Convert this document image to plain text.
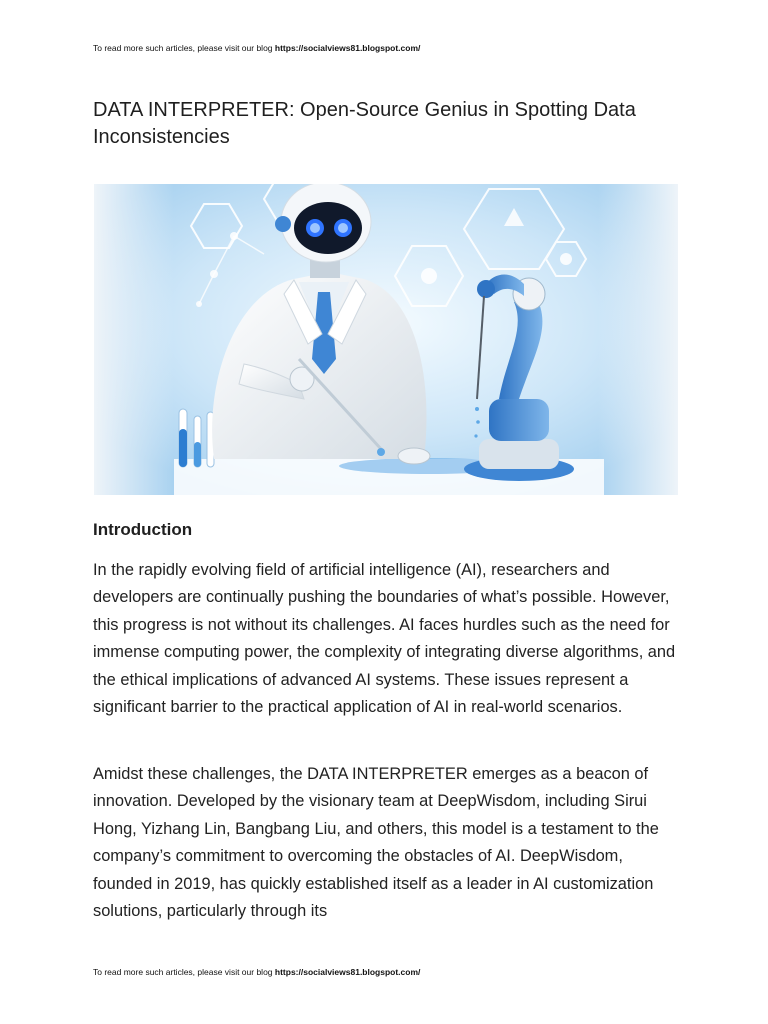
To read more such articles, please visit our blog https://socialviews81.blogspot.com/
DATA INTERPRETER: Open-Source Genius in Spotting Data Inconsistencies
Introduction

In the rapidly evolving field of artificial intelligence (AI), researchers and developers are continually pushing the boundaries of what’s possible. However, this progress is not without its challenges. AI faces hurdles such as the need for immense computing power, the complexity of integrating diverse algorithms, and the ethical implications of advanced AI systems. These issues represent a significant barrier to the practical application of AI in real-world scenarios.

Amidst these challenges, the DATA INTERPRETER emerges as a beacon of innovation. Developed by the visionary team at DeepWisdom, including Sirui Hong, Yizhang Lin, Bangbang Liu, and others, this model is a testament to the company’s commitment to overcoming the obstacles of AI. DeepWisdom, founded in 2019, has quickly established itself as a leader in AI customization solutions, particularly through its

To read more such articles, please visit our blog https://socialviews81.blogspot.com/
